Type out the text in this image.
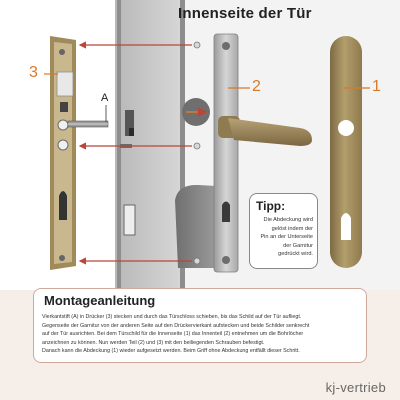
Innenseite der Tür
3
2	1
A
Tipp:
Die Abdeckung wird
gelöst indem der
Pin an der Unterseite
der Garnitur
gedrückt wird.
Montageanleitung
Vierkantstift (A) in Drücker (3) stecken und durch das Türschloss schieben, bis das Schild auf der Tür aufliegt.
Gegenseite der Garnitur von der anderen Seite auf den Drückervierkant aufstecken und beide Schilder senkrecht
auf der Tür ausrichten. Bei dem Türschild für die Innenseite (1) das Innenteil (2) entnehmen um die Bohrlöcher
anzeichnen zu können. Nun werden Teil (2) und (3) mit den beiliegenden Schrauben befestigt.
Danach kann die Abdeckung (1) wieder aufgesetzt werden. Beim Griff ohne Abdeckung entfällt dieser Schritt.
kj-vertrieb
